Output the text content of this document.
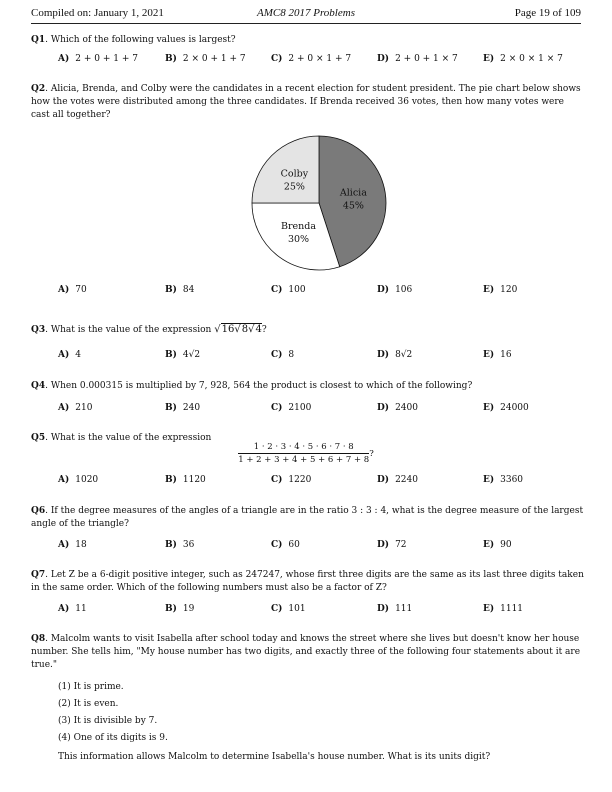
Compiled on: January 1, 2021	AMC8 2017 Problems	Page 19 of 109
Q1. Which of the following values is largest?
A) 2 + 0 + 1 + 7	B) 2 × 0 + 1 + 7	C) 2 + 0 × 1 + 7	D) 2 + 0 + 1 × 7	E) 2 × 0 × 1 × 7
Q2. Alicia, Brenda, and Colby were the candidates in a recent election for student president. The pie chart below shows how the votes were distributed among the three candidates. If Brenda received 36 votes, then how many votes were cast all together?
Alicia
45%
Brenda
30%
Colby
25%
A) 70	B) 84	C) 100	D) 106	E) 120
Q3. What is the value of the expression √16√8√4?
A) 4	B) 4√2	C) 8	D) 8√2	E) 16
Q4. When 0.000315 is multiplied by 7, 928, 564 the product is closest to which of the following?
A) 210	B) 240	C) 2100	D) 2400	E) 24000
Q5. What is the value of the expression
$\frac{1 \cdot 2 \cdot 3 \cdot 4 \cdot 5 \cdot 6 \cdot 7 \cdot 8}{1 + 2 + 3 + 4 + 5 + 6 + 7 + 8}$ ?
A) 1020	B) 1120	C) 1220	D) 2240	E) 3360
Q6. If the degree measures of the angles of a triangle are in the ratio 3 : 3 : 4, what is the degree measure of the largest angle of the triangle?
A) 18	B) 36	C) 60	D) 72	E) 90
Q7. Let Z be a 6-digit positive integer, such as 247247, whose first three digits are the same as its last three digits taken in the same order. Which of the following numbers must also be a factor of Z?
A) 11	B) 19	C) 101	D) 111	E) 1111
Q8. Malcolm wants to visit Isabella after school today and knows the street where she lives but doesn't know her house number. She tells him, "My house number has two digits, and exactly three of the following four statements about it are true."
(1) It is prime.
(2) It is even.
(3) It is divisible by 7.
(4) One of its digits is 9.
This information allows Malcolm to determine Isabella's house number. What is its units digit?
